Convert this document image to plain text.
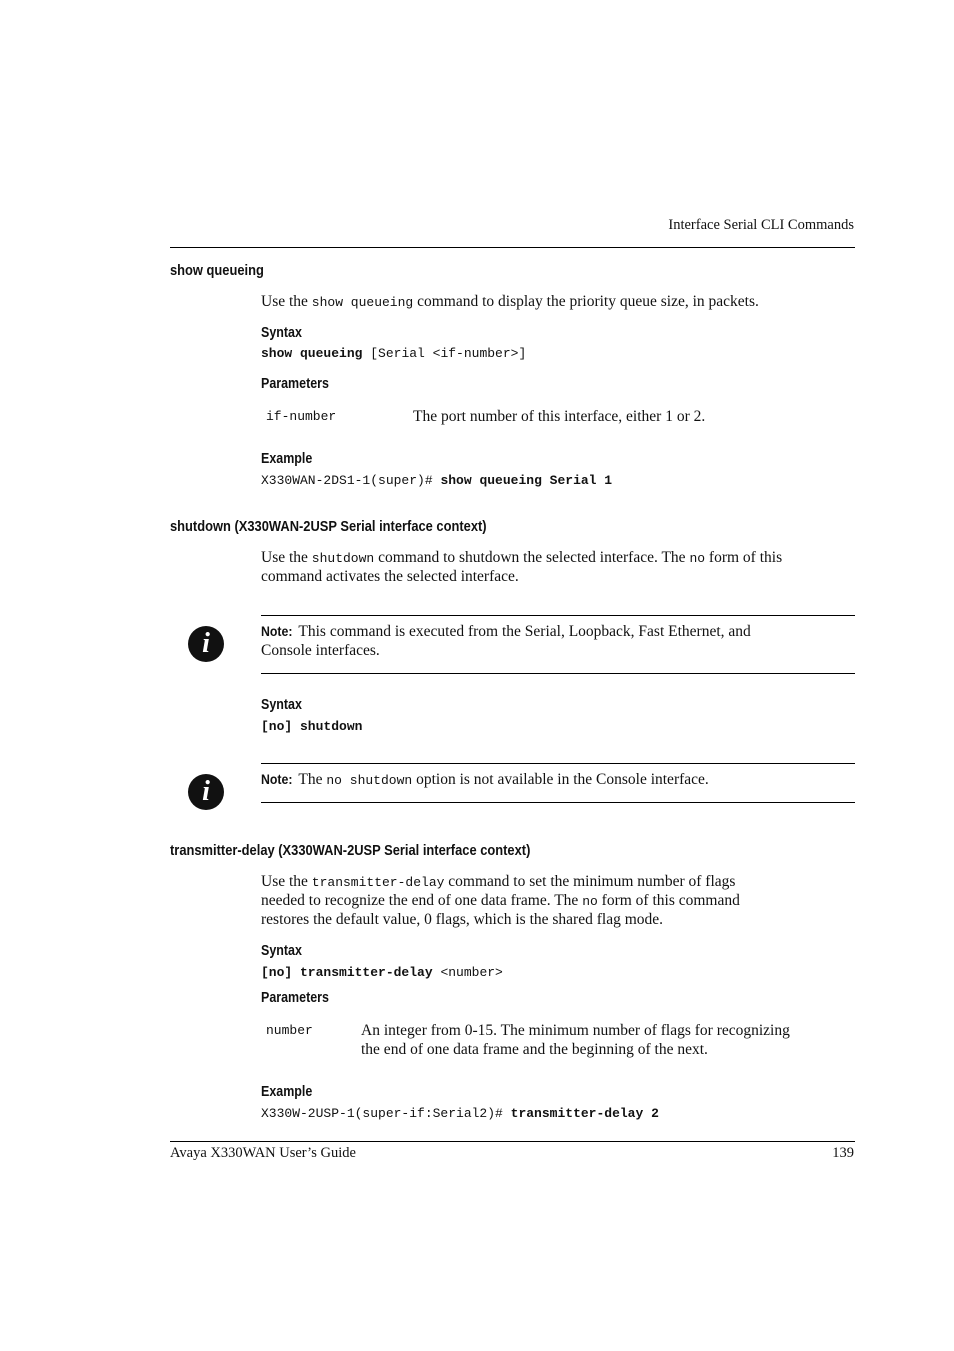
Interface Serial CLI Commands
show queueing
Use the show queueing command to display the priority queue size, in packets.
Syntax
show queueing [Serial <if-number>]
Parameters
if-number	The port number of this interface, either 1 or 2.
Example
X330WAN-2DS1-1(super)# show queueing Serial 1
shutdown (X330WAN-2USP Serial interface context)
Use the shutdown command to shutdown the selected interface. The no form of this
command activates the selected interface.
i	Note: This command is executed from the Serial, Loopback, Fast Ethernet, and
Console interfaces.
Syntax
[no] shutdown
i	Note: The no shutdown option is not available in the Console interface.
transmitter-delay (X330WAN-2USP Serial interface context)
Use the transmitter-delay command to set the minimum number of flags
needed to recognize the end of one data frame. The no form of this command
restores the default value, 0 flags, which is the shared flag mode.
Syntax
[no] transmitter-delay <number>
Parameters
number	An integer from 0-15. The minimum number of flags for recognizing
the end of one data frame and the beginning of the next.
Example
X330W-2USP-1(super-if:Serial2)# transmitter-delay 2
Avaya X330WAN User’s Guide	139
